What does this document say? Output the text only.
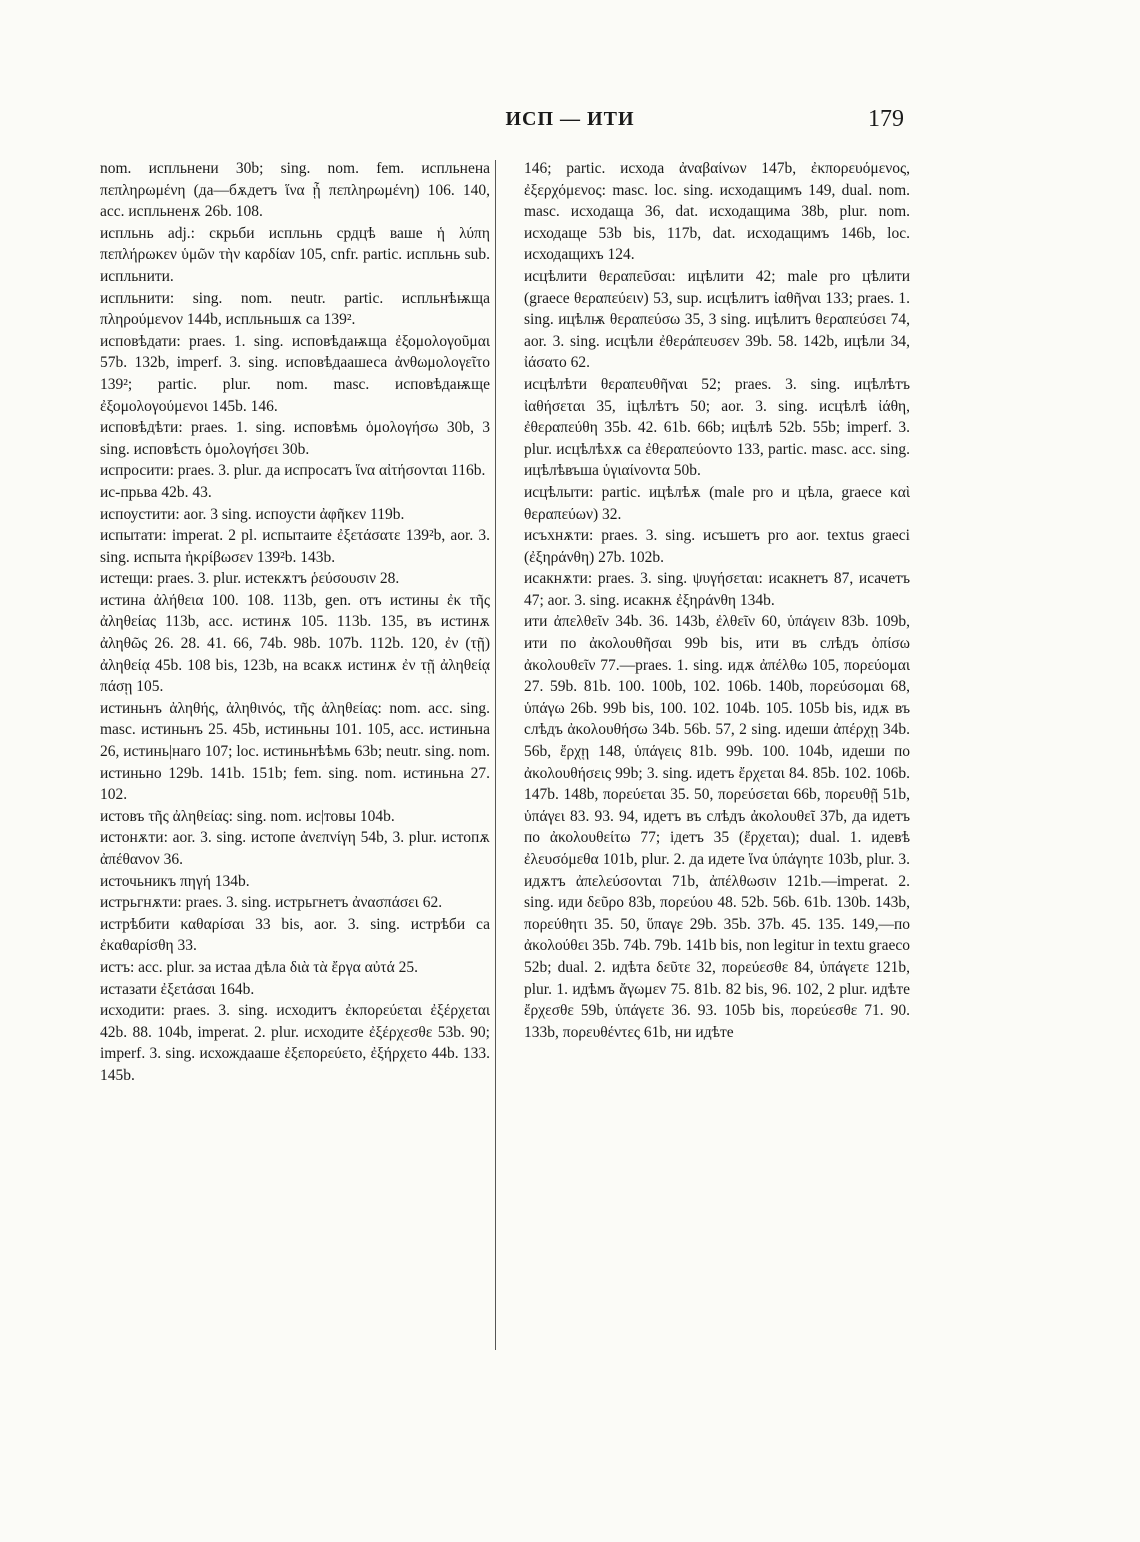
ИСП — ИТИ	179

nom. испльнени 30b; sing. nom. fem. испльнена πεπληρωμένη (да—бѫдетъ ἵνα ᾖ πεπληρωμένη) 106. 140, acc. испльненѫ 26b. 108.

испльнь adj.: скрьби испльнь срдцѣ ваше ἡ λύπη πεπλήρωκεν ὑμῶν τὴν καρδίαν 105, cnfr. partic. испльнь sub. испльнити.

испльнити: sing. nom. neutr. partic. испльнѣѭща πληρούμενον 144b, испльньшѫ са 139².

исповѣдати: praes. 1. sing. исповѣдаѭща ἐξομολογοῦμαι 57b. 132b, imperf. 3. sing. исповѣдаашеса ἀνθωμολογεῖτο 139²; partic. plur. nom. masc. исповѣдаѭще ἐξομολογούμενοι 145b. 146.

исповѣдѣти: praes. 1. sing. исповѣмь ὁμολογήσω 30b, 3 sing. исповѣсть ὁμολογήσει 30b.

испросити: praes. 3. plur. да испросатъ ἵνα αἰτήσονται 116b.

ис-прьва 42b. 43.

испоустити: aor. 3 sing. испоусти ἀφῆκεν 119b.

испытати: imperat. 2 pl. испытаите ἐξετάσατε 139²b, aor. 3. sing. испыта ἠκρίβωσεν 139²b. 143b.

истещи: praes. 3. plur. истекѫтъ ῥεύσουσιν 28.

истина ἀλήθεια 100. 108. 113b, gen. отъ истины ἐκ τῆς ἀληθείας 113b, acc. истинѫ 105. 113b. 135, въ истинѫ ἀληθῶς 26. 28. 41. 66, 74b. 98b. 107b. 112b. 120, ἐν (τῇ) ἀληθείᾳ 45b. 108 bis, 123b, на всакѫ истинѫ ἐν τῇ ἀληθείᾳ πάσῃ 105.

истиньнъ ἀληθής, ἀληθινός, τῆς ἀληθείας: nom. acc. sing. masc. истиньнъ 25. 45b, истиньны 101. 105, acc. истиньна 26, истинь|наго 107; loc. истиньнѣѣмь 63b; neutr. sing. nom. истиньно 129b. 141b. 151b; fem. sing. nom. истиньна 27. 102.

истовъ τῆς ἀληθείας: sing. nom. ис|товы 104b.

истонѫти: aor. 3. sing. истопе ἀνεπνίγη 54b, 3. plur. истопѫ ἀπέθανον 36.

источьникъ πηγή 134b.

истрьгнѫти: praes. 3. sing. истрьгнетъ ἀνασπάσει 62.

истрѣбити καθαρίσαι 33 bis, aor. 3. sing. истрѣби са ἐκαθαρίσθη 33.

истъ: acc. plur. за истаа дѣла διὰ τὰ ἔργα αὐτά 25.

истазати ἐξετάσαι 164b.

исходити: praes. 3. sing. исходитъ ἐκπορεύεται ἐξέρχεται 42b. 88. 104b, imperat. 2. plur. исходите ἐξέρχεσθε 53b. 90; imperf. 3. sing. исхождааше ἐξεπορεύετο, ἐξήρχετο 44b. 133. 145b.

146; partic. исхода ἀναβαίνων 147b, ἐκπορευόμενος, ἐξερχόμενος: masc. loc. sing. исходащимъ 149, dual. nom. masc. исходаща 36, dat. исходащима 38b, plur. nom. исходаще 53b bis, 117b, dat. исходащимъ 146b, loc. исходащихъ 124.

исцѣлити θεραπεῦσαι: ицѣлити 42; male pro цѣлити (graece θεραπεύειν) 53, sup. исцѣлитъ ἰαθῆναι 133; praes. 1. sing. ицѣлѭ θεραπεύσω 35, 3 sing. ицѣлитъ θεραπεύσει 74, aor. 3. sing. исцѣли ἐθεράπευσεν 39b. 58. 142b, ицѣли 34, ἰάσατο 62.

исцѣлѣти θεραπευθῆναι 52; praes. 3. sing. ицѣлѣтъ ἰαθήσεται 35, іцѣлѣтъ 50; aor. 3. sing. исцѣлѣ ἰάθη, ἐθεραπεύθη 35b. 42. 61b. 66b; ицѣлѣ 52b. 55b; imperf. 3. plur. исцѣлѣхѫ са ἐθεραπεύοντο 133, partic. masc. acc. sing. ицѣлѣвъша ὑγιαίνοντα 50b.

исцѣлыти: partic. ицѣлѣѫ (male pro и цѣла, graece καὶ θεραπεύων) 32.

исъхнѫти: praes. 3. sing. исъшетъ pro aor. textus graeci (ἐξηράνθη) 27b. 102b.

исакнѫти: praes. 3. sing. ψυγήσεται: исакнетъ 87, исачетъ 47; aor. 3. sing. исакнѫ ἐξηράνθη 134b.

ити ἀπελθεῖν 34b. 36. 143b, ἐλθεῖν 60, ὑπάγειν 83b. 109b, ити по ἀκολουθῆσαι 99b bis, ити въ слѣдъ ὀπίσω ἀκολουθεῖν 77.—praes. 1. sing. идѫ ἀπέλθω 105, πορεύομαι 27. 59b. 81b. 100. 100b, 102. 106b. 140b, πορεύσομαι 68, ὑπάγω 26b. 99b bis, 100. 102. 104b. 105. 105b bis, идѫ въ слѣдъ ἀκολουθήσω 34b. 56b. 57, 2 sing. идеши ἀπέρχῃ 34b. 56b, ἔρχῃ 148, ὑπάγεις 81b. 99b. 100. 104b, идеши по ἀκολουθήσεις 99b; 3. sing. идетъ ἔρχεται 84. 85b. 102. 106b. 147b. 148b, πορεύεται 35. 50, πορεύσεται 66b, πορευθῇ 51b, ὑπάγει 83. 93. 94, идетъ въ слѣдъ ἀκολουθεῖ 37b, да идетъ по ἀκολουθείτω 77; ідетъ 35 (ἔρχεται); dual. 1. идевѣ ἐλευσόμεθα 101b, plur. 2. да идете ἵνα ὑπάγητε 103b, plur. 3. идѫтъ ἀπελεύσονται 71b, ἀπέλθωσιν 121b.—imperat. 2. sing. иди δεῦρο 83b, πορεύου 48. 52b. 56b. 61b. 130b. 143b, πορεύθητι 35. 50, ὕπαγε 29b. 35b. 37b. 45. 135. 149,—по ἀκολούθει 35b. 74b. 79b. 141b bis, non legitur in textu graeco 52b; dual. 2. идѣта δεῦτε 32, πορεύεσθε 84, ὑπάγετε 121b, plur. 1. идѣмъ ἄγωμεν 75. 81b. 82 bis, 96. 102, 2 plur. идѣте ἔρχεσθε 59b, ὑπάγετε 36. 93. 105b bis, πορεύεσθε 71. 90. 133b, πορευθέντες 61b, ни идѣте
